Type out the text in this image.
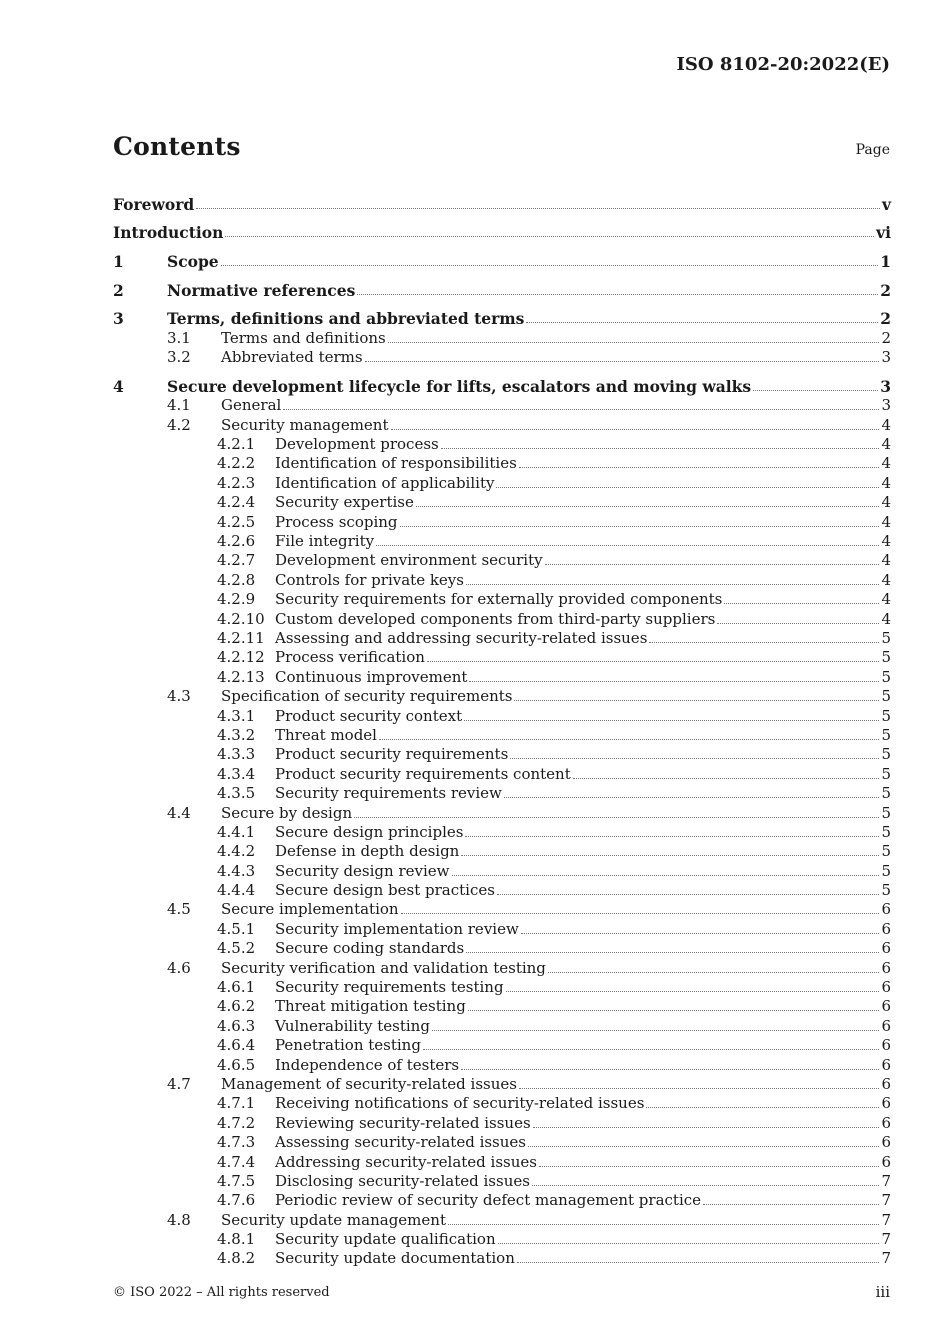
ISO 8102-20:2022(E)
Contents	Page
Foreword	v
Introduction	vi
1	Scope	1
2	Normative references	2
3	Terms, definitions and abbreviated terms	2
3.1	Terms and definitions	2
3.2	Abbreviated terms	3
4	Secure development lifecycle for lifts, escalators and moving walks	3
4.1	General	3
4.2	Security management	4
4.2.1	Development process	4
4.2.2	Identification of responsibilities	4
4.2.3	Identification of applicability	4
4.2.4	Security expertise	4
4.2.5	Process scoping	4
4.2.6	File integrity	4
4.2.7	Development environment security	4
4.2.8	Controls for private keys	4
4.2.9	Security requirements for externally provided components	4
4.2.10 Custom developed components from third-party suppliers	4
4.2.11 Assessing and addressing security-related issues	5
4.2.12 Process verification	5
4.2.13 Continuous improvement	5
4.3	Specification of security requirements	5
4.3.1	Product security context	5
4.3.2	Threat model	5
4.3.3	Product security requirements	5
4.3.4	Product security requirements content	5
4.3.5	Security requirements review	5
4.4	Secure by design	5
4.4.1	Secure design principles	5
4.4.2	Defense in depth design	5
4.4.3	Security design review	5
4.4.4	Secure design best practices	5
4.5	Secure implementation	6
4.5.1	Security implementation review	6
4.5.2	Secure coding standards	6
4.6	Security verification and validation testing	6
4.6.1	Security requirements testing	6
4.6.2	Threat mitigation testing	6
4.6.3	Vulnerability testing	6
4.6.4	Penetration testing	6
4.6.5	Independence of testers	6
4.7	Management of security-related issues	6
4.7.1	Receiving notifications of security-related issues	6
4.7.2	Reviewing security-related issues	6
4.7.3	Assessing security-related issues	6
4.7.4	Addressing security-related issues	6
4.7.5	Disclosing security-related issues	7
4.7.6	Periodic review of security defect management practice	7
4.8	Security update management	7
4.8.1	Security update qualification	7
4.8.2	Security update documentation	7
© ISO 2022 – All rights reserved	iii
